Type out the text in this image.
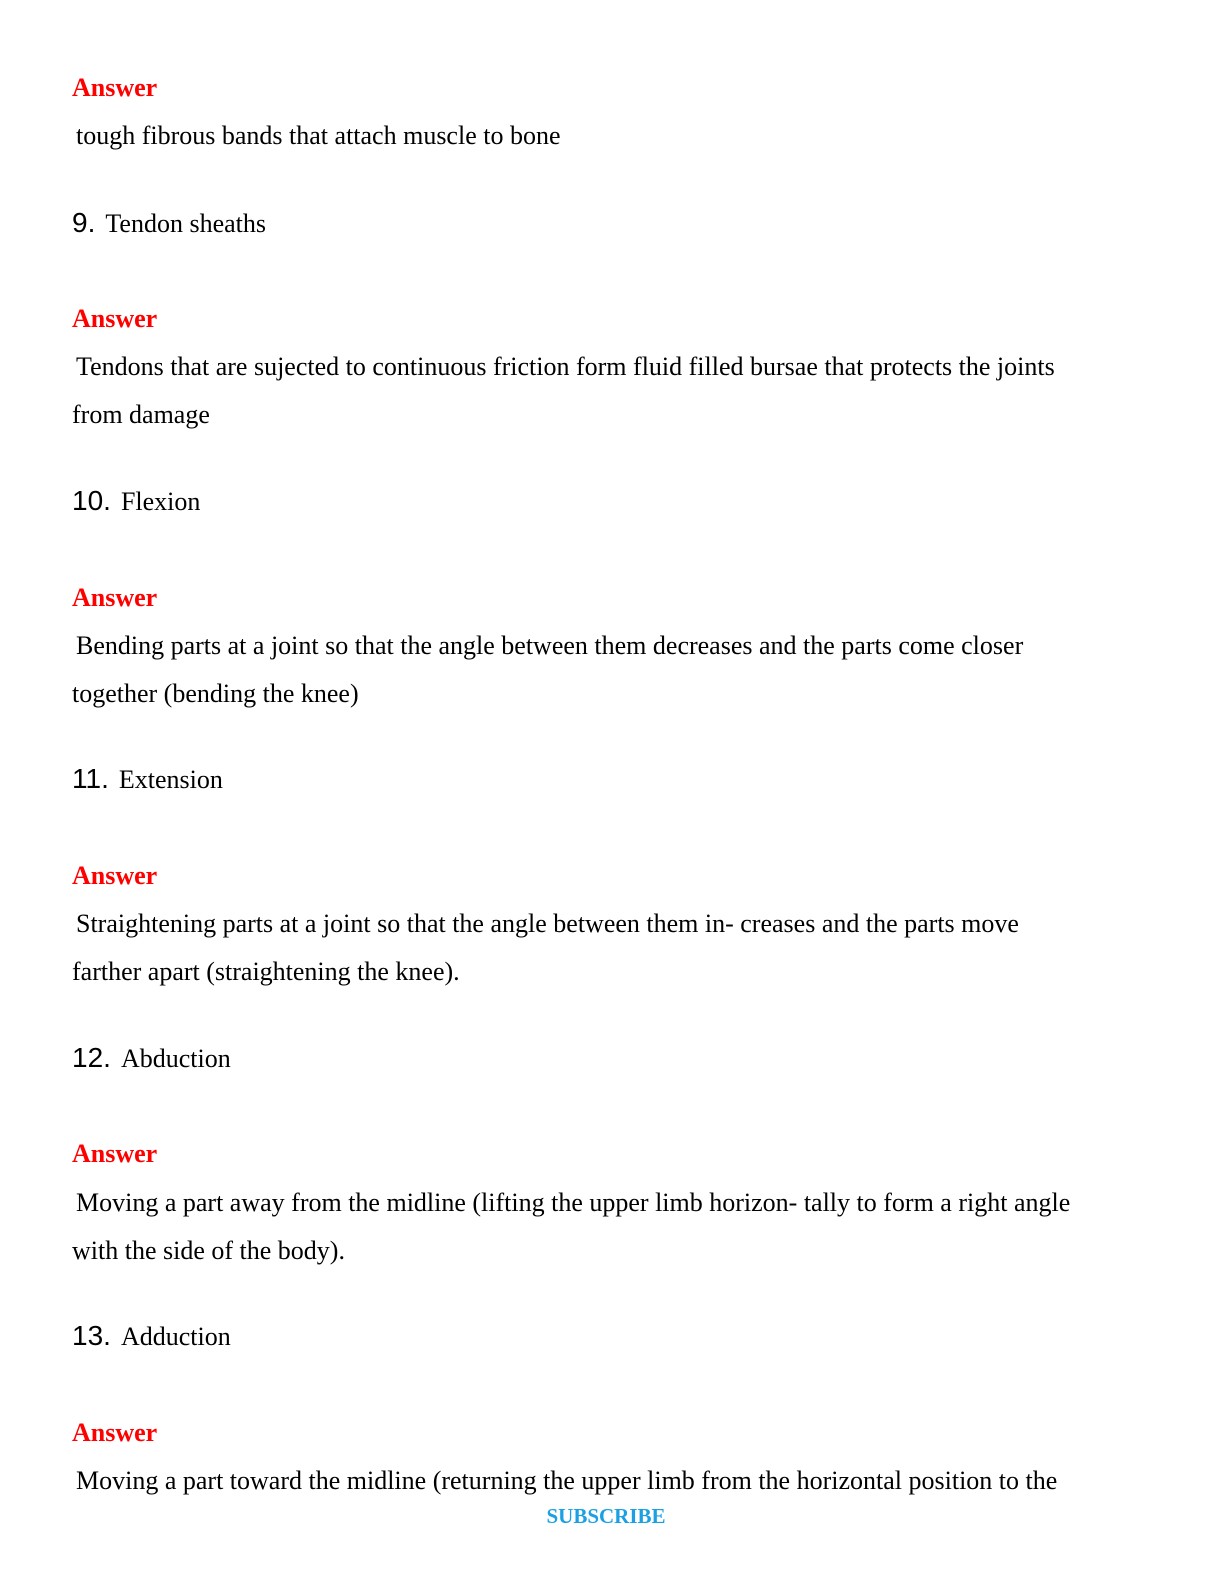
Answer
tough fibrous bands that attach muscle to bone
9. Tendon sheaths
Answer
Tendons that are sujected to continuous friction form fluid filled bursae that protects the joints
from damage
10. Flexion
Answer
Bending parts at a joint so that the angle between them decreases and the parts come closer
together (bending the knee)
11. Extension
Answer
Straightening parts at a joint so that the angle between them in- creases and the parts move
farther apart (straightening the knee).
12. Abduction
Answer
Moving a part away from the midline (lifting the upper limb horizon- tally to form a right angle
with the side of the body).
13. Adduction
Answer
Moving a part toward the midline (returning the upper limb from the horizontal position to the
SUBSCRIBE
